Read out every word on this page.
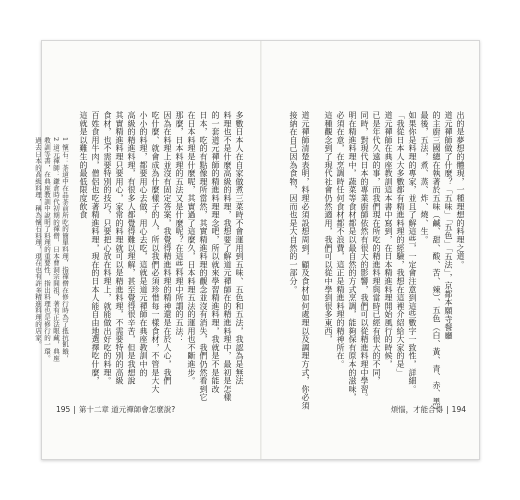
多數日本人在自家做煮三菜時不會運用到五味、五色和五法，我認為是無法
料理也不是什麼高級的料理，我想要了解道元禪師在的精進料理中，最初是怎樣
的一套道元禪師的精進料理理念吧，所以就來學習精進料理，我就是不是能改
日本，吃的有點像理所當然，其實精進料理的觀念並沒有消失，我們仍然看到它
在日本料理是什麼呢，其實過了這麼久，日本料理五法的運用也不斷進步。
那麼，日本料理的五法又是什麼呢？在這些料理中所謂的五法：
因為在料理上並沒有固定答案，我覺得精進料理的精神還是在於人心，我們
吃什麼、就會成為什麼樣子的人，所以我們必須珍惜每一樣食材，不管是大大
小小的料理，都要用心去做，用心去吃，這就是道元禪師在典座教訓中的
高級的精進料理，有很多人都覺得難以理解，甚至覺得很辛苦，但是我想說
其實精進料理只要用心，家常的料理就可以是精進料理，不需要特別的高級
食材，也不需要特別的技巧，只要把心放在料理上，就能做出好吃的料理。
百姓食用牛肉，僧侶也吃著精進料理，現在的日本人能自由地選擇吃什麼，
這就是以難生的最低限度飲食
1 懷石：茶道中在品茶前所吃的簡單料理，指禪僧在修行時為了抵抗飢餓，
2 道元禪師：鎌倉時代初期的禪僧，日本曹洞宗開祖，著有正法眼藏，典座
教訓等書，在典座教訓中說明了料理的重要性，指出料理也是修行的一環。
過去日本的高級料理，稱為懷石料理，現在也有許多精進料理的店家。
195 | 第十二章 道元禪師會怎麼說?
出的是夢想的體現，一種理想的料理之道。
道元禪師做了什麼？「五味」「五色」「五法」，京都本願寺餐廳
的主廚三國總在執著於五味（鹹、甜、酸、苦、辣）、五色（白、黃、青、赤、黑）、
最後，五法，煮、蒸、炸、燒、生。
如果你是料理的專家，並且了解這些，一定會注意到這些數字一致性，詳細。
「我從日本人大多數都有精進料理的經驗，我想在這裡介紹給大家的是」
道元禪師在典座教訓這本書中寫到，在日本精進料理開始風行的時候，
已是年代久遠的事，而我們現在所吃的精進料理與當時已經有很大的不同，
同時，對現代日本的專業廚師依然有很大的影響，我們可以從精進料理中學習。
明在精進料理中，蔬菜等食材都是以最自然的方式烹調，能夠保有原本的滋味，
必須在意，在烹調時任何食材都不浪費，這正是精進料理的精神所在。
這種觀念到了現代社會仍然適用，我們可以從中學到很多東西，
道元禪師清楚表明，料理必須設想周到，顧及食材如何處理以及調理方式，你必須
接納在自己因為食物，因而也是大自然的一部分。
煩惱，才能合得 | 194
